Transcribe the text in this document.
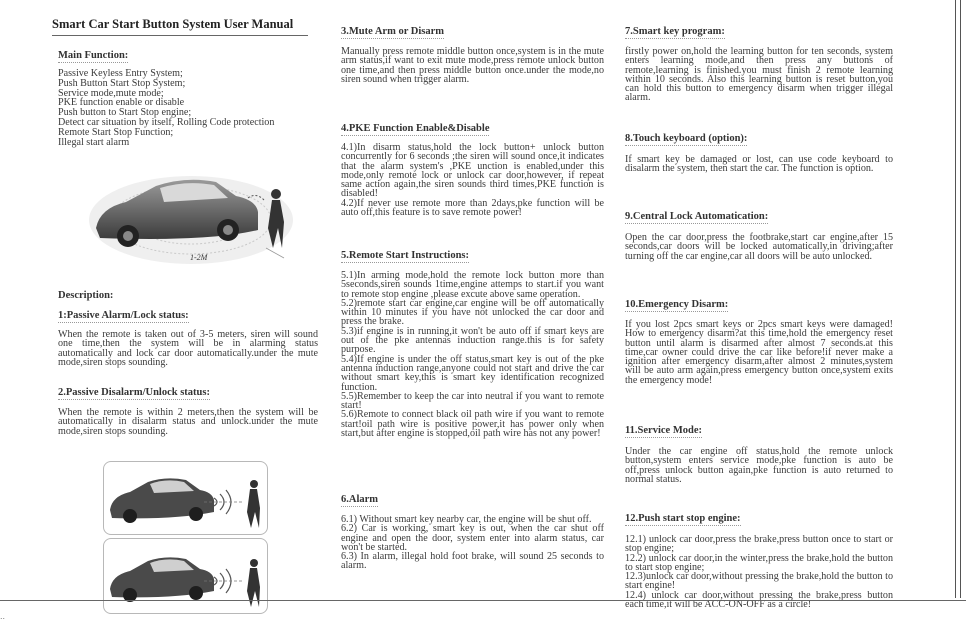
Smart Car Start Button System User Manual
Main Function:
Passive Keyless Entry System;
Push Button Start Stop System;
Service mode,mute mode;
PKE function enable or disable
Push button to Start Stop engine;
Detect car situation by itself, Rolling Code protection
Remote Start Stop Function;
Illegal start alarm
1-2M
Description:
1:Passive Alarm/Lock status:
When the remote is taken out of 3-5 meters, siren will sound one time,then the system will be in alarming status automatically and lock car door automatically.under the mute mode,siren stops sounding.
2.Passive Disalarm/Unlock status:
When the remote is within 2 meters,then the system will be automatically in disalarm status and unlock.under the mute mode,siren stops sounding.
3.Mute Arm or Disarm
Manually press remote middle button once,system is in the mute arm status,if want to exit mute mode,press remote unlock button one time,and then press middle button once.under the mode,no siren sound when trigger alarm.
4.PKE Function Enable&Disable
4.1)In disarm status,hold the lock button+ unlock button concurrently for 6 seconds ;the siren will sound once,it indicates that the alarm system's ,PKE unction is enabled,under this mode,only remote lock or unlock car door,however, if repeat same action again,the siren sounds third times,PKE function is disabled!
4.2)If never use remote more than 2days,pke function will be auto off,this feature is to save remote power!
5.Remote Start Instructions:
5.1)In arming mode,hold the remote lock button more than 5seconds,siren sounds 1time,engine attemps to start.if you want to remote stop engine ,please excute above same operation.
5.2)remote start car engine,car engine will be off automatically within 10 minutes if you have not unlocked the car door and press the brake.
5.3)if engine is in running,it won't be auto off if smart keys are out of the pke antennas induction range.this is for safety purpose.
5.4)If engine is under the off status,smart key is out of the pke antenna induction range,anyone could not start and drive the car without smart key,this is smart key identification recognized function.
5.5)Remember to keep the car into neutral if you want to remote start!
5.6)Remote to connect black oil path wire if you want to remote start!oil path wire is positive power,it has power only when start,but after engine is stopped,oil path wire has not any power!
6.Alarm
6.1) Without smart key nearby car, the engine will be shut off.
6.2) Car is working, smart key is out, when the car shut off engine and open the door, system enter into alarm status, car won't be started.
6.3) In alarm, illegal hold foot brake, will sound 25 seconds to alarm.
7.Smart key program:
firstly power on,hold the learning button for ten seconds, system enters learning mode,and then press any buttons of remote,learning is finished.you must finish 2 remote learning within 10 seconds. Also this learning button is reset button,you can hold this button to emergency disarm when trigger illegal alarm.
8.Touch keyboard (option):
If smart key be damaged or lost, can use code keyboard to disalarm the system, then start the car. The function is option.
9.Central Lock Automatication:
Open the car door,press the footbrake,start car engine,after 15 seconds,car doors will be locked automatically,in driving;after turning off the car engine,car all doors will be auto unlocked.
10.Emergency Disarm:
If you lost 2pcs smart keys or 2pcs smart keys were damaged! How to emergency disarm?at this time,hold the emergency reset button until alarm is disarmed after almost 7 seconds.at this time,car owner could drive the car like before!if never make a ignition after emergency disarm,after almost 2 minutes,system will be auto arm again,press emergency button once,system exits the emergency mode!
11.Service Mode:
Under the car engine off status,hold the remote unlock button,system enters service mode,pke function is auto be off,press unlock button again,pke function is auto returned to normal status.
12.Push start stop engine:
12.1) unlock car door,press the brake,press button once to start or stop engine;
12.2) unlock car door,in the winter,press the brake,hold the button to start stop engine;
12.3)unlock car door,without pressing the brake,hold the button to start engine!
12.4) unlock car door,without pressing the brake,press button each time,it will be ACC-ON-OFF as a circle!
..
